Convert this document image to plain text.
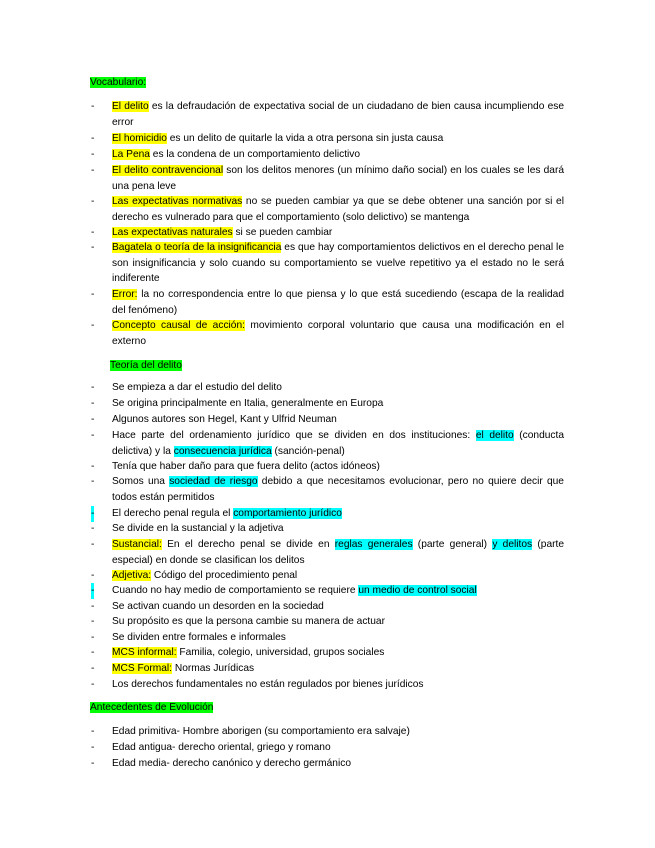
Vocabulario:
- El delito es la defraudación de expectativa social de un ciudadano de bien causa incumpliendo ese error
- El homicidio es un delito de quitarle la vida a otra persona sin justa causa
- La Pena es la condena de un comportamiento delictivo
- El delito contravencional son los delitos menores (un mínimo daño social) en los cuales se les dará una pena leve
- Las expectativas normativas no se pueden cambiar ya que se debe obtener una sanción por si el derecho es vulnerado para que el comportamiento (solo delictivo) se mantenga
- Las expectativas naturales si se pueden cambiar
- Bagatela o teoría de la insignificancia es que hay comportamientos delictivos en el derecho penal le son insignificancia y solo cuando su comportamiento se vuelve repetitivo ya el estado no le será indiferente
- Error: la no correspondencia entre lo que piensa y lo que está sucediendo (escapa de la realidad del fenómeno)
- Concepto causal de acción: movimiento corporal voluntario que causa una modificación en el externo
Teoría del delito
- Se empieza a dar el estudio del delito
- Se origina principalmente en Italia, generalmente en Europa
- Algunos autores son Hegel, Kant y Ulfrid Neuman
- Hace parte del ordenamiento jurídico que se dividen en dos instituciones: el delito (conducta delictiva) y la consecuencia jurídica (sanción-penal)
- Tenía que haber daño para que fuera delito (actos idóneos)
- Somos una sociedad de riesgo debido a que necesitamos evolucionar, pero no quiere decir que todos están permitidos
- El derecho penal regula el comportamiento jurídico
- Se divide en la sustancial y la adjetiva
- Sustancial: En el derecho penal se divide en reglas generales (parte general) y delitos (parte especial) en donde se clasifican los delitos
- Adjetiva: Código del procedimiento penal
- Cuando no hay medio de comportamiento se requiere un medio de control social
- Se activan cuando un desorden en la sociedad
- Su propósito es que la persona cambie su manera de actuar
- Se dividen entre formales e informales
- MCS informal: Familia, colegio, universidad, grupos sociales
- MCS Formal: Normas Jurídicas
- Los derechos fundamentales no están regulados por bienes jurídicos
Antecedentes de Evolución
- Edad primitiva- Hombre aborigen (su comportamiento era salvaje)
- Edad antigua- derecho oriental, griego y romano
- Edad media- derecho canónico y derecho germánico
